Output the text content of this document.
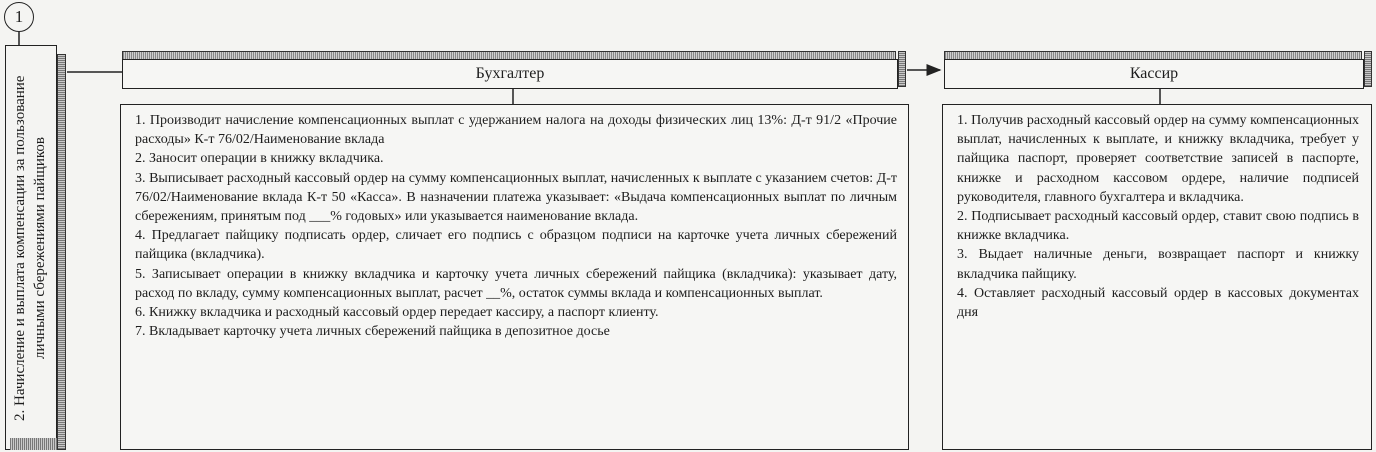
1
2. Начисление и выплата компенсации за пользование личными сбережениями пайщиков
Бухгалтер	Кассир

1. Производит начисление компенсационных выплат с удержанием налога на доходы физических лиц 13%: Д-т 91/2 «Прочие расходы» К-т 76/02/Наименование вклада

2. Заносит операции в книжку вкладчика.

3. Выписывает расходный кассовый ордер на сумму компенсационных выплат, начисленных к выплате с указанием счетов: Д-т 76/02/Наименование вклада К-т 50 «Касса». В назначении платежа указывает: «Выдача компенсационных выплат по личным сбережениям, принятым под ___% годовых» или указывается наименование вклада.

4. Предлагает пайщику подписать ордер, сличает его подпись с образцом подписи на карточке учета личных сбережений пайщика (вкладчика).

5. Записывает операции в книжку вкладчика и карточку учета личных сбережений пайщика (вкладчика): указывает дату, расход по вкладу, сумму компенсационных выплат, расчет __%, остаток суммы вклада и компенсационных выплат.

6. Книжку вкладчика и расходный кассовый ордер передает кассиру, а паспорт клиенту.

7. Вкладывает карточку учета личных сбережений пайщика в депозитное досье

1. Получив расходный кассовый ордер на сумму компенсационных выплат, начисленных к выплате, и книжку вкладчика, требует у пайщика паспорт, проверяет соответствие записей в паспорте, книжке и расходном кассовом ордере, наличие подписей руководителя, главного бухгалтера и вкладчика.

2. Подписывает расходный кассовый ордер, ставит свою подпись в книжке вкладчика.

3. Выдает наличные деньги, возвращает паспорт и книжку вкладчика пайщику.

4. Оставляет расходный кассовый ордер в кассовых документах дня
